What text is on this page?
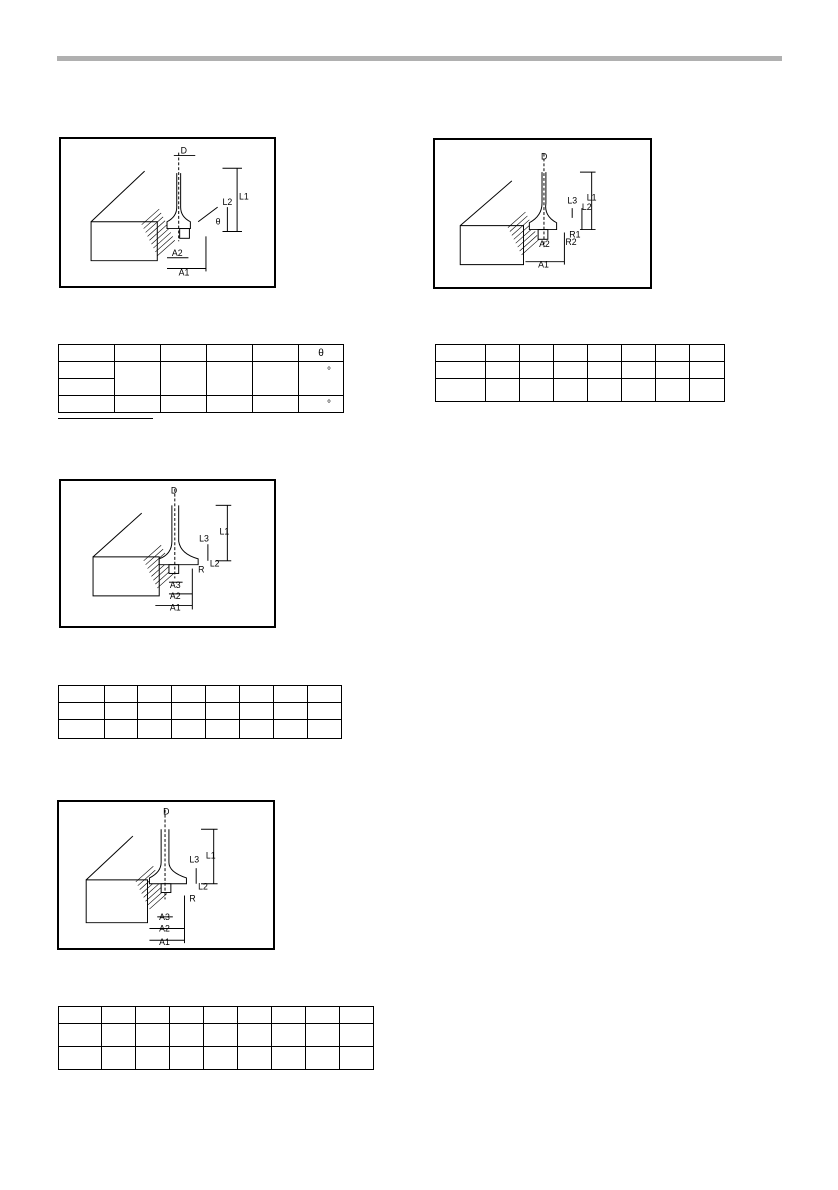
D
L1
L2
θ
A2
A1
D
L1
L2
L3
R1
R2
A2
A1
					θ
					°

					°

D
L1
L2
L3
R
A3
A2
A1

D
L1
L2
L3
R
A3
A2
A1
